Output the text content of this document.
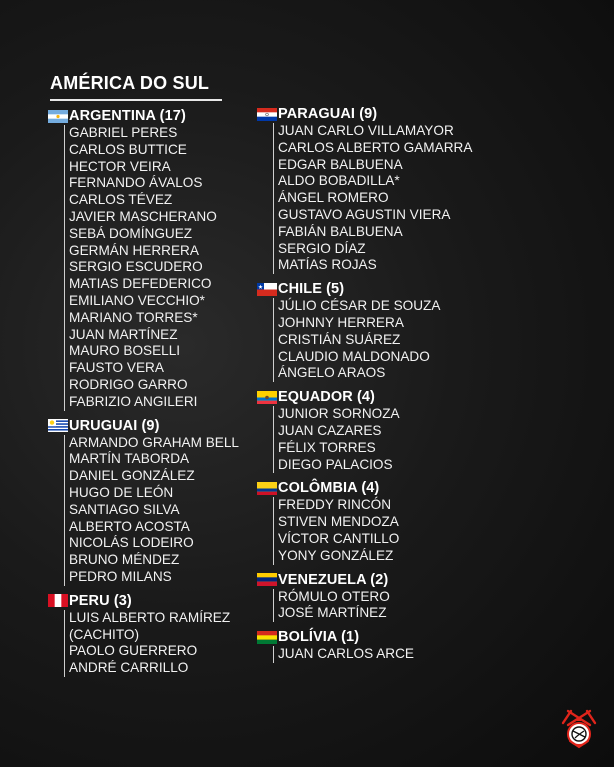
AMÉRICA DO SUL
ARGENTINA (17)
GABRIEL PERES
CARLOS BUTTICE
HECTOR VEIRA
FERNANDO ÁVALOS
CARLOS TÉVEZ
JAVIER MASCHERANO
SEBÁ DOMÍNGUEZ
GERMÁN HERRERA
SERGIO ESCUDERO
MATIAS DEFEDERICO
EMILIANO VECCHIO*
MARIANO TORRES*
JUAN MARTÍNEZ
MAURO BOSELLI
FAUSTO VERA
RODRIGO GARRO
FABRIZIO ANGILERI
URUGUAI (9)
ARMANDO GRAHAM BELL
MARTÍN TABORDA
DANIEL GONZÁLEZ
HUGO DE LEÓN
SANTIAGO SILVA
ALBERTO ACOSTA
NICOLÁS LODEIRO
BRUNO MÉNDEZ
PEDRO MILANS
PERU (3)
LUIS ALBERTO RAMÍREZ
(CACHITO)
PAOLO GUERRERO
ANDRÉ CARRILLO
PARAGUAI (9)
JUAN CARLO VILLAMAYOR
CARLOS ALBERTO GAMARRA
EDGAR BALBUENA
ALDO BOBADILLA*
ÁNGEL ROMERO
GUSTAVO AGUSTIN VIERA
FABIÁN BALBUENA
SERGIO DÍAZ
MATÍAS ROJAS
CHILE (5)
JÚLIO CÉSAR DE SOUZA
JOHNNY HERRERA
CRISTIÁN SUÁREZ
CLAUDIO MALDONADO
ÁNGELO ARAOS
EQUADOR (4)
JUNIOR SORNOZA
JUAN CAZARES
FÉLIX TORRES
DIEGO PALACIOS
COLÔMBIA (4)
FREDDY RINCÓN
STIVEN MENDOZA
VÍCTOR CANTILLO
YONY GONZÁLEZ
VENEZUELA (2)
RÓMULO OTERO
JOSÉ MARTÍNEZ
BOLÍVIA (1)
JUAN CARLOS ARCE
